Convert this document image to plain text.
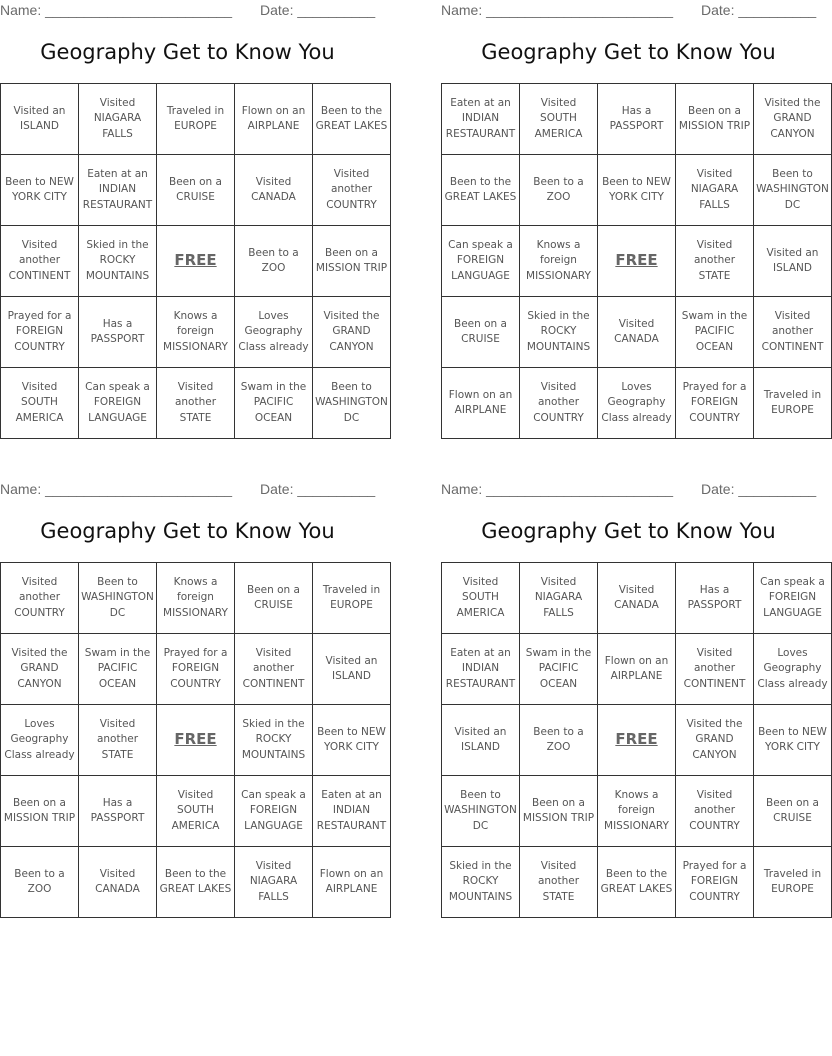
Name: ________________________ Date: __________
Geography Get to Know You
Visited an ISLAND	Visited NIAGARA FALLS	Traveled in EUROPE	Flown on an AIRPLANE	Been to the GREAT LAKES
Been to NEW YORK CITY	Eaten at an INDIAN RESTAURANT	Been on a CRUISE	Visited CANADA	Visited another COUNTRY
Visited another CONTINENT	Skied in the ROCKY MOUNTAINS	FREE	Been to a ZOO	Been on a MISSION TRIP
Prayed for a FOREIGN COUNTRY	Has a PASSPORT	Knows a foreign MISSIONARY	Loves Geography Class already	Visited the GRAND CANYON
Visited SOUTH AMERICA	Can speak a FOREIGN LANGUAGE	Visited another STATE	Swam in the PACIFIC OCEAN	Been to WASHINGTON DC
Name: ________________________ Date: __________
Geography Get to Know You
Eaten at an INDIAN RESTAURANT	Visited SOUTH AMERICA	Has a PASSPORT	Been on a MISSION TRIP	Visited the GRAND CANYON
Been to the GREAT LAKES	Been to a ZOO	Been to NEW YORK CITY	Visited NIAGARA FALLS	Been to WASHINGTON DC
Can speak a FOREIGN LANGUAGE	Knows a foreign MISSIONARY	FREE	Visited another STATE	Visited an ISLAND
Been on a CRUISE	Skied in the ROCKY MOUNTAINS	Visited CANADA	Swam in the PACIFIC OCEAN	Visited another CONTINENT
Flown on an AIRPLANE	Visited another COUNTRY	Loves Geography Class already	Prayed for a FOREIGN COUNTRY	Traveled in EUROPE
Name: ________________________ Date: __________
Geography Get to Know You
Visited another COUNTRY	Been to WASHINGTON DC	Knows a foreign MISSIONARY	Been on a CRUISE	Traveled in EUROPE
Visited the GRAND CANYON	Swam in the PACIFIC OCEAN	Prayed for a FOREIGN COUNTRY	Visited another CONTINENT	Visited an ISLAND
Loves Geography Class already	Visited another STATE	FREE	Skied in the ROCKY MOUNTAINS	Been to NEW YORK CITY
Been on a MISSION TRIP	Has a PASSPORT	Visited SOUTH AMERICA	Can speak a FOREIGN LANGUAGE	Eaten at an INDIAN RESTAURANT
Been to a ZOO	Visited CANADA	Been to the GREAT LAKES	Visited NIAGARA FALLS	Flown on an AIRPLANE
Name: ________________________ Date: __________
Geography Get to Know You
Visited SOUTH AMERICA	Visited NIAGARA FALLS	Visited CANADA	Has a PASSPORT	Can speak a FOREIGN LANGUAGE
Eaten at an INDIAN RESTAURANT	Swam in the PACIFIC OCEAN	Flown on an AIRPLANE	Visited another CONTINENT	Loves Geography Class already
Visited an ISLAND	Been to a ZOO	FREE	Visited the GRAND CANYON	Been to NEW YORK CITY
Been to WASHINGTON DC	Been on a MISSION TRIP	Knows a foreign MISSIONARY	Visited another COUNTRY	Been on a CRUISE
Skied in the ROCKY MOUNTAINS	Visited another STATE	Been to the GREAT LAKES	Prayed for a FOREIGN COUNTRY	Traveled in EUROPE
